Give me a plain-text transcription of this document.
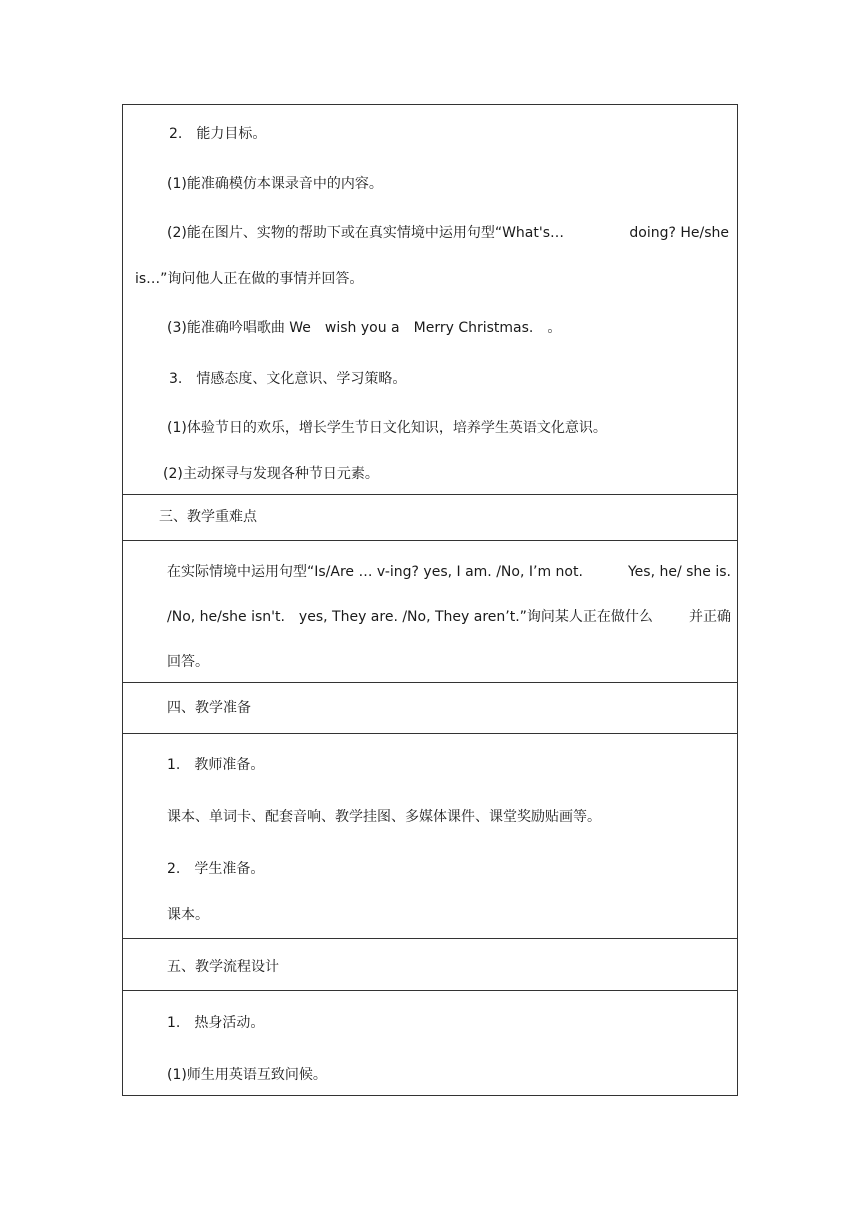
2.　能力目标。
(1)能准确模仿本课录音中的内容。
(2)能在图片、实物的帮助下或在真实情境中运用句型“What's…	doing? He/she
is…”询问他人正在做的事情并回答。
(3)能准确吟唱歌曲 We　wish you a　Merry Christmas.　。
3.　情感态度、文化意识、学习策略。
(1)体验节日的欢乐，增长学生节日文化知识，培养学生英语文化意识。
(2)主动探寻与发现各种节日元素。

三、教学重难点

在实际情境中运用句型“Is/Are … v-ing? yes, I am. /No, I’m not.	Yes, he/ she is.
/No, he/she isn't.　yes, They are. /No, They aren’t.”询问某人正在做什么	并正确
回答。

四、教学准备

1.　教师准备。
课本、单词卡、配套音响、教学挂图、多媒体课件、课堂奖励贴画等。
2.　学生准备。
课本。

五、教学流程设计

1.　热身活动。
(1)师生用英语互致问候。
